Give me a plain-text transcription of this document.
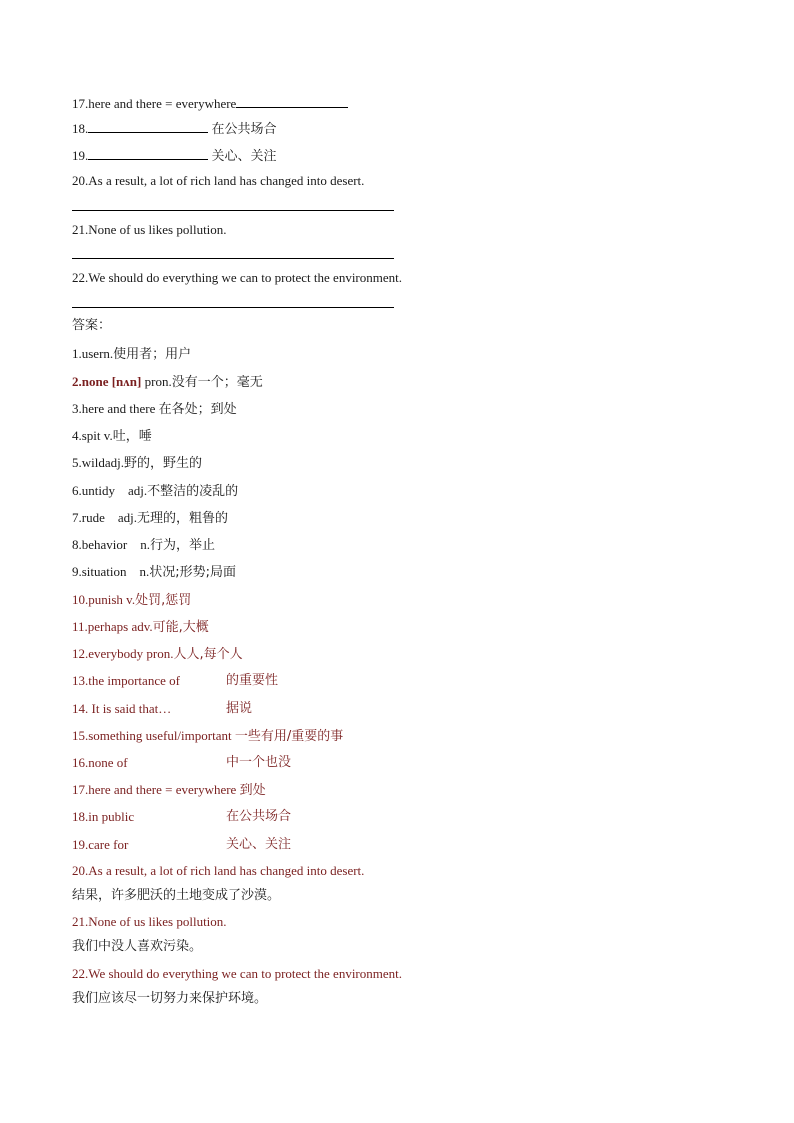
17.here and there = everywhere
18.	在公共场合
19.	关心、关注
20.As a result, a lot of rich land has changed into desert.
21.None of us likes pollution.
22.We should do everything we can to protect the environment.
答案：
1.usern.使用者；用户
2.none [nʌn] pron.没有一个；毫无
3.here and there 在各处；到处
4.spit v.吐，唾
5.wildadj.野的，野生的
6.untidy    adj.不整洁的凌乱的
7.rude    adj.无理的，粗鲁的
8.behavior    n.行为，举止
9.situation    n.状况;形势;局面
10.punish v.处罚,惩罚
11.perhaps adv.可能,大概
12.everybody pron.人人,每个人
13.the importance of	的重要性
14. It is said that…	据说
15.something useful/important 一些有用/重要的事
16.none of	中一个也没
17.here and there = everywhere 到处
18.in public	在公共场合
19.care for	关心、关注
20.As a result, a lot of rich land has changed into desert.
结果，许多肥沃的土地变成了沙漠。
21.None of us likes pollution.
我们中没人喜欢污染。
22.We should do everything we can to protect the environment.
我们应该尽一切努力来保护环境。
